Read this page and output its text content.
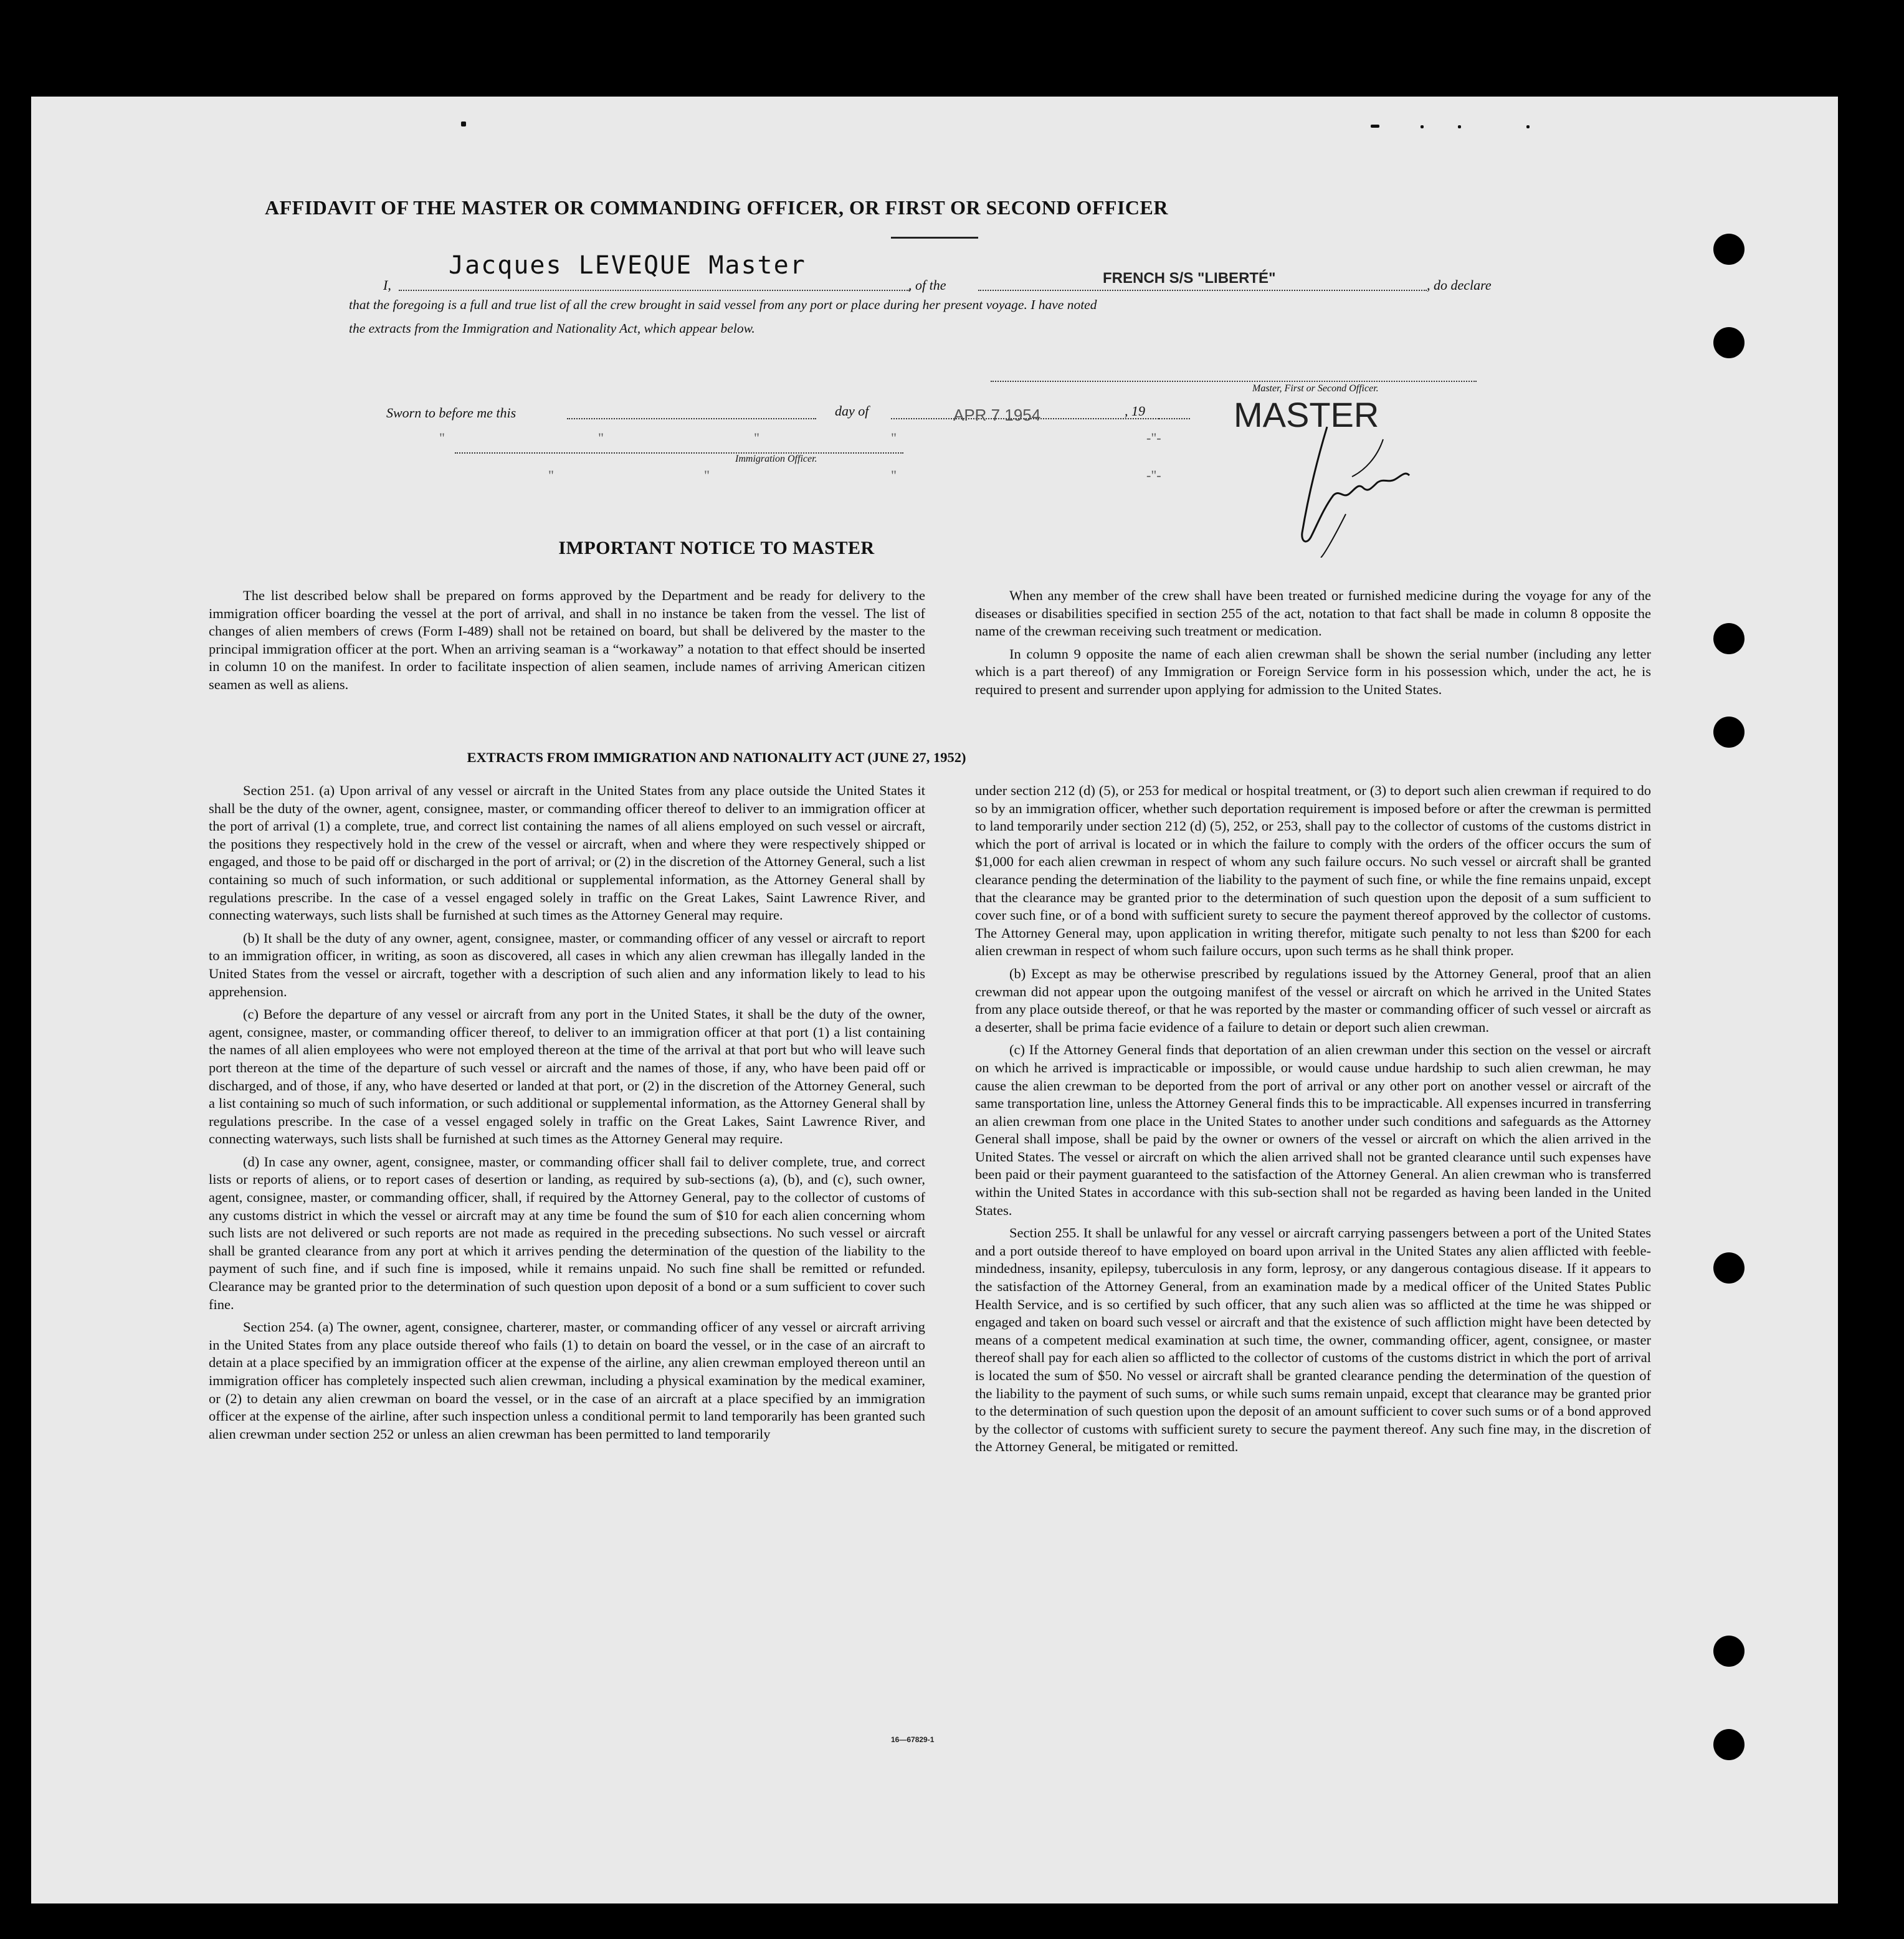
AFFIDAVIT OF THE MASTER OR COMMANDING OFFICER, OR FIRST OR SECOND OFFICER
I,
Jacques LEVEQUE Master
, of the	FRENCH S/S "LIBERTÉ"	, do declare
that the foregoing is a full and true list of all the crew brought in said vessel from any port or place during her present voyage. I have noted
the extracts from the Immigration and Nationality Act, which appear below.
Master, First or Second Officer.
MASTER
Sworn to before me this	day of	APR 7 1954	, 19
"	"	"	"	-"-
"	"	"	-"-
Immigration Officer.
IMPORTANT NOTICE TO MASTER

The list described below shall be prepared on forms approved by the Department and be ready for delivery to the immigration officer boarding the vessel at the port of arrival, and shall in no instance be taken from the vessel. The list of changes of alien members of crews (Form I-489) shall not be retained on board, but shall be delivered by the master to the principal immigration officer at the port. When an arriving seaman is a “workaway” a notation to that effect should be inserted in column 10 on the manifest. In order to facilitate inspection of alien seamen, include names of arriving American citizen seamen as well as aliens.

When any member of the crew shall have been treated or furnished medicine during the voyage for any of the diseases or disabilities specified in section 255 of the act, notation to that fact shall be made in column 8 opposite the name of the crewman receiving such treatment or medication.

In column 9 opposite the name of each alien crewman shall be shown the serial number (including any letter which is a part thereof) of any Immigration or Foreign Service form in his possession which, under the act, he is required to present and surrender upon applying for admission to the United States.

EXTRACTS FROM IMMIGRATION AND NATIONALITY ACT (JUNE 27, 1952)

Section 251. (a) Upon arrival of any vessel or aircraft in the United States from any place outside the United States it shall be the duty of the owner, agent, consignee, master, or commanding officer thereof to deliver to an immigration officer at the port of arrival (1) a complete, true, and correct list containing the names of all aliens employed on such vessel or aircraft, the positions they respectively hold in the crew of the vessel or aircraft, when and where they were respectively shipped or engaged, and those to be paid off or discharged in the port of arrival; or (2) in the discretion of the Attorney General, such a list containing so much of such information, or such additional or supplemental information, as the Attorney General shall by regulations prescribe. In the case of a vessel engaged solely in traffic on the Great Lakes, Saint Lawrence River, and connecting waterways, such lists shall be furnished at such times as the Attorney General may require.

(b) It shall be the duty of any owner, agent, consignee, master, or commanding officer of any vessel or aircraft to report to an immigration officer, in writing, as soon as discovered, all cases in which any alien crewman has illegally landed in the United States from the vessel or aircraft, together with a description of such alien and any information likely to lead to his apprehension.

(c) Before the departure of any vessel or aircraft from any port in the United States, it shall be the duty of the owner, agent, consignee, master, or commanding officer thereof, to deliver to an immigration officer at that port (1) a list containing the names of all alien employees who were not employed thereon at the time of the arrival at that port but who will leave such port thereon at the time of the departure of such vessel or aircraft and the names of those, if any, who have been paid off or discharged, and of those, if any, who have deserted or landed at that port, or (2) in the discretion of the Attorney General, such a list containing so much of such information, or such additional or supplemental information, as the Attorney General shall by regulations prescribe. In the case of a vessel engaged solely in traffic on the Great Lakes, Saint Lawrence River, and connecting waterways, such lists shall be furnished at such times as the Attorney General may require.

(d) In case any owner, agent, consignee, master, or commanding officer shall fail to deliver complete, true, and correct lists or reports of aliens, or to report cases of desertion or landing, as required by sub-sections (a), (b), and (c), such owner, agent, consignee, master, or commanding officer, shall, if required by the Attorney General, pay to the collector of customs of any customs district in which the vessel or aircraft may at any time be found the sum of $10 for each alien concerning whom such lists are not delivered or such reports are not made as required in the preceding subsections. No such vessel or aircraft shall be granted clearance from any port at which it arrives pending the determination of the question of the liability to the payment of such fine, and if such fine is imposed, while it remains unpaid. No such fine shall be remitted or refunded. Clearance may be granted prior to the determination of such question upon deposit of a bond or a sum sufficient to cover such fine.

Section 254. (a) The owner, agent, consignee, charterer, master, or commanding officer of any vessel or aircraft arriving in the United States from any place outside thereof who fails (1) to detain on board the vessel, or in the case of an aircraft to detain at a place specified by an immigration officer at the expense of the airline, any alien crewman employed thereon until an immigration officer has completely inspected such alien crewman, including a physical examination by the medical examiner, or (2) to detain any alien crewman on board the vessel, or in the case of an aircraft at a place specified by an immigration officer at the expense of the airline, after such inspection unless a conditional permit to land temporarily has been granted such alien crewman under section 252 or unless an alien crewman has been permitted to land temporarily

under section 212 (d) (5), or 253 for medical or hospital treatment, or (3) to deport such alien crewman if required to do so by an immigration officer, whether such deportation requirement is imposed before or after the crewman is permitted to land temporarily under section 212 (d) (5), 252, or 253, shall pay to the collector of customs of the customs district in which the port of arrival is located or in which the failure to comply with the orders of the officer occurs the sum of $1,000 for each alien crewman in respect of whom any such failure occurs. No such vessel or aircraft shall be granted clearance pending the determination of the liability to the payment of such fine, or while the fine remains unpaid, except that the clearance may be granted prior to the determination of such question upon the deposit of a sum sufficient to cover such fine, or of a bond with sufficient surety to secure the payment thereof approved by the collector of customs. The Attorney General may, upon application in writing therefor, mitigate such penalty to not less than $200 for each alien crewman in respect of whom such failure occurs, upon such terms as he shall think proper.

(b) Except as may be otherwise prescribed by regulations issued by the Attorney General, proof that an alien crewman did not appear upon the outgoing manifest of the vessel or aircraft on which he arrived in the United States from any place outside thereof, or that he was reported by the master or commanding officer of such vessel or aircraft as a deserter, shall be prima facie evidence of a failure to detain or deport such alien crewman.

(c) If the Attorney General finds that deportation of an alien crewman under this section on the vessel or aircraft on which he arrived is impracticable or impossible, or would cause undue hardship to such alien crewman, he may cause the alien crewman to be deported from the port of arrival or any other port on another vessel or aircraft of the same transportation line, unless the Attorney General finds this to be impracticable. All expenses incurred in transferring an alien crewman from one place in the United States to another under such conditions and safeguards as the Attorney General shall impose, shall be paid by the owner or owners of the vessel or aircraft on which the alien arrived in the United States. The vessel or aircraft on which the alien arrived shall not be granted clearance until such expenses have been paid or their payment guaranteed to the satisfaction of the Attorney General. An alien crewman who is transferred within the United States in accordance with this sub-section shall not be regarded as having been landed in the United States.

Section 255. It shall be unlawful for any vessel or aircraft carrying passengers between a port of the United States and a port outside thereof to have employed on board upon arrival in the United States any alien afflicted with feeble-mindedness, insanity, epilepsy, tuberculosis in any form, leprosy, or any dangerous contagious disease. If it appears to the satisfaction of the Attorney General, from an examination made by a medical officer of the United States Public Health Service, and is so certified by such officer, that any such alien was so afflicted at the time he was shipped or engaged and taken on board such vessel or aircraft and that the existence of such affliction might have been detected by means of a competent medical examination at such time, the owner, commanding officer, agent, consignee, or master thereof shall pay for each alien so afflicted to the collector of customs of the customs district in which the port of arrival is located the sum of $50. No vessel or aircraft shall be granted clearance pending the determination of the question of the liability to the payment of such sums, or while such sums remain unpaid, except that clearance may be granted prior to the determination of such question upon the deposit of an amount sufficient to cover such sums or of a bond approved by the collector of customs with sufficient surety to secure the payment thereof. Any such fine may, in the discretion of the Attorney General, be mitigated or remitted.

16—67829-1
